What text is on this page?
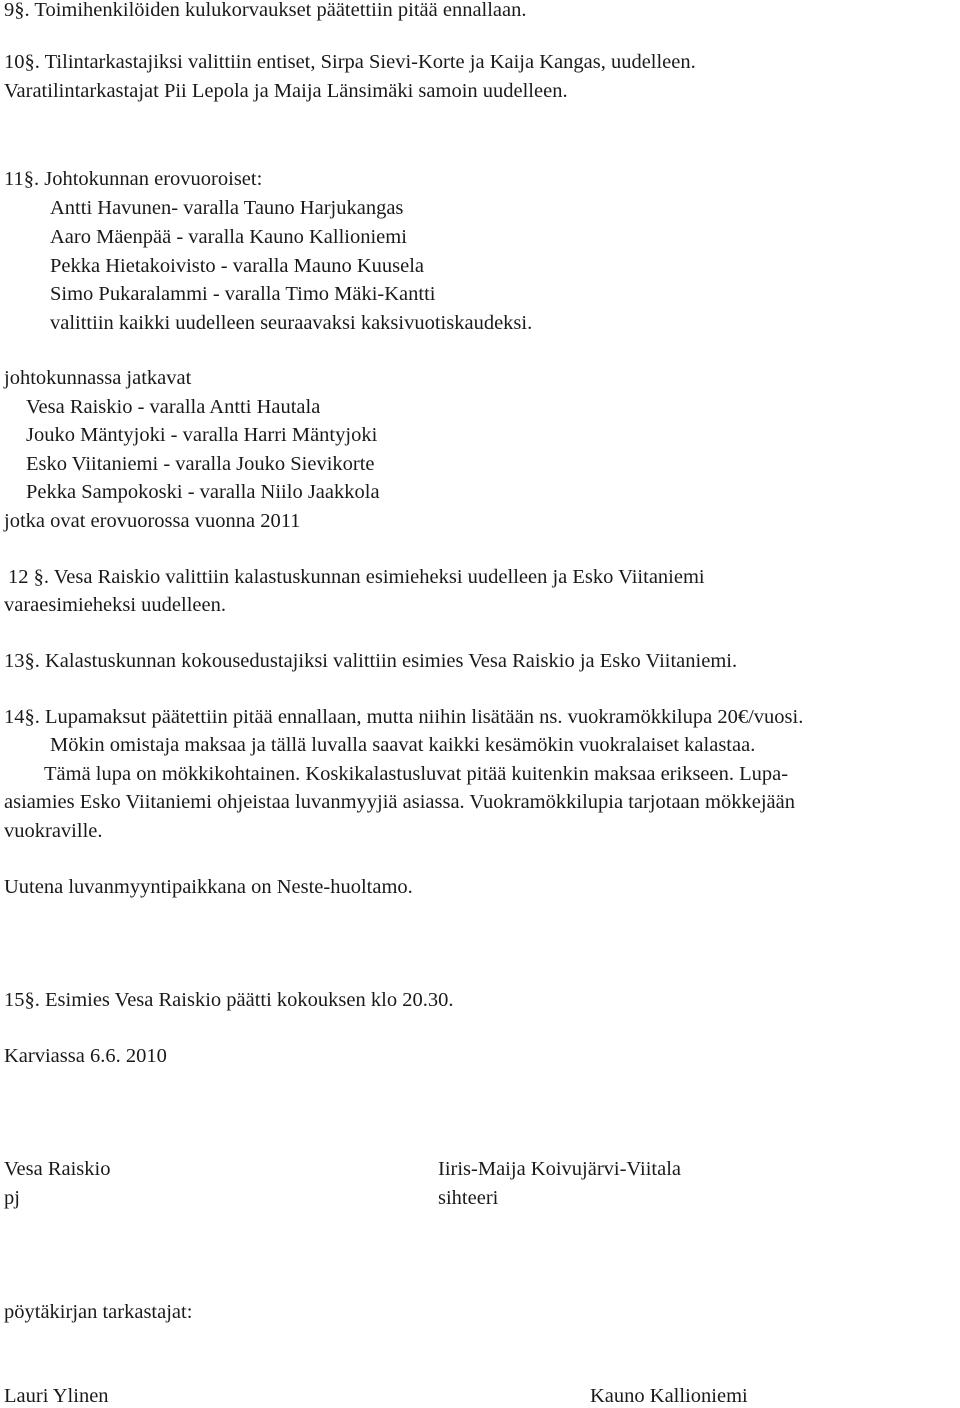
9§. Toimihenkilöiden kulukorvaukset päätettiin pitää ennallaan.
10§. Tilintarkastajiksi valittiin entiset, Sirpa Sievi-Korte ja Kaija Kangas, uudelleen.
Varatilintarkastajat Pii Lepola ja Maija Länsimäki samoin uudelleen.
11§. Johtokunnan erovuoroiset:
Antti Havunen- varalla Tauno Harjukangas
Aaro Mäenpää - varalla Kauno Kallioniemi
Pekka Hietakoivisto - varalla Mauno Kuusela
Simo Pukaralammi - varalla Timo Mäki-Kantti
valittiin kaikki uudelleen seuraavaksi kaksivuotiskaudeksi.
johtokunnassa jatkavat
Vesa Raiskio - varalla Antti Hautala
Jouko Mäntyjoki - varalla Harri Mäntyjoki
Esko Viitaniemi - varalla Jouko Sievikorte
Pekka Sampokoski - varalla Niilo Jaakkola
jotka ovat erovuorossa vuonna 2011
12 §. Vesa Raiskio valittiin kalastuskunnan esimieheksi uudelleen ja Esko Viitaniemi
varaesimieheksi uudelleen.
13§. Kalastuskunnan kokousedustajiksi valittiin esimies Vesa Raiskio ja Esko Viitaniemi.
14§. Lupamaksut päätettiin pitää ennallaan, mutta niihin lisätään ns. vuokramökkilupa 20€/vuosi.
Mökin omistaja maksaa ja tällä luvalla saavat kaikki kesämökin vuokralaiset kalastaa.
Tämä lupa on mökkikohtainen. Koskikalastusluvat pitää kuitenkin maksaa erikseen. Lupa-
asiamies Esko Viitaniemi ohjeistaa luvanmyyjiä asiassa. Vuokramökkilupia tarjotaan mökkejään
vuokraville.
Uutena luvanmyyntipaikkana on Neste-huoltamo.
15§. Esimies Vesa Raiskio päätti kokouksen klo 20.30.
Karviassa 6.6. 2010
Vesa Raiskio
pj
Iiris-Maija Koivujärvi-Viitala
sihteeri
pöytäkirjan tarkastajat:
Lauri Ylinen	Kauno Kallioniemi
